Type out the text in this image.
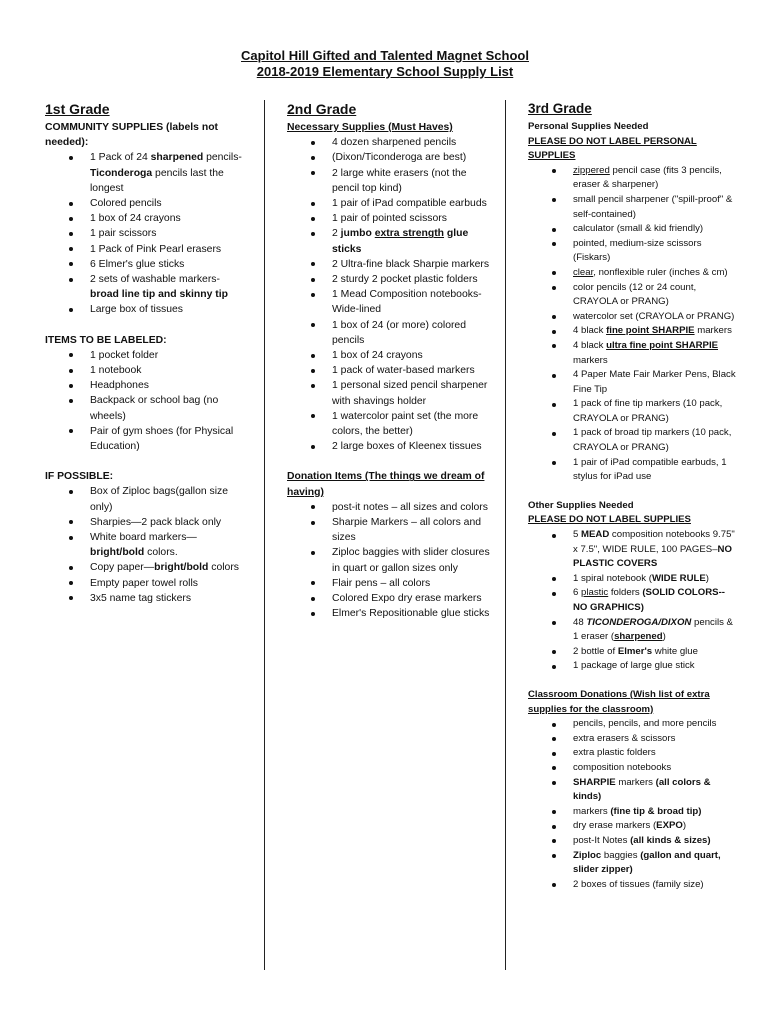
Capitol Hill Gifted and Talented Magnet School
2018-2019 Elementary School Supply List
1st Grade
COMMUNITY SUPPLIES (labels not needed):
1 Pack of 24 sharpened pencils-Ticonderoga pencils last the longest
Colored pencils
1 box of 24 crayons
1 pair scissors
1 Pack of Pink Pearl erasers
6 Elmer's glue sticks
2 sets of washable markers-
broad line tip and skinny tip
Large box of tissues
ITEMS TO BE LABELED:
1 pocket folder
1 notebook
Headphones
Backpack or school bag (no wheels)
Pair of gym shoes (for Physical Education)
IF POSSIBLE:
Box of Ziploc bags(gallon size only)
Sharpies—2 pack black only
White board markers—
bright/bold colors.
Copy paper—bright/bold colors
Empty paper towel rolls
3x5 name tag stickers
2nd Grade
Necessary Supplies (Must Haves)
4 dozen sharpened pencils
(Dixon/Ticonderoga are best)
2 large white erasers (not the pencil top kind)
1 pair of iPad compatible earbuds
1 pair of pointed scissors
2 jumbo extra strength glue sticks
2 Ultra-fine black Sharpie markers
2 sturdy 2 pocket plastic folders
1 Mead Composition notebooks- Wide-lined
1 box of 24 (or more) colored pencils
1 box of 24 crayons
1 pack of water-based markers
1 personal sized pencil sharpener with shavings holder
1 watercolor paint set (the more colors, the better)
2 large boxes of Kleenex tissues
Donation Items (The things we dream of having)
post-it notes – all sizes and colors
Sharpie Markers – all colors and sizes
Ziploc baggies with slider closures in quart or gallon sizes only
Flair pens – all colors
Colored Expo dry erase markers
Elmer's Repositionable glue sticks
3rd Grade
Personal Supplies Needed
PLEASE DO NOT LABEL PERSONAL SUPPLIES
zippered pencil case (fits 3 pencils, eraser & sharpener)
small pencil sharpener ("spill-proof" & self-contained)
calculator (small & kid friendly)
pointed, medium-size scissors (Fiskars)
clear, nonflexible ruler (inches & cm)
color pencils (12 or 24 count, CRAYOLA or PRANG)
watercolor set (CRAYOLA or PRANG)
4 black fine point SHARPIE markers
4 black ultra fine point SHARPIE markers
4 Paper Mate Fair Marker Pens, Black Fine Tip
1 pack of fine tip markers (10 pack, CRAYOLA or PRANG)
1 pack of broad tip markers (10 pack, CRAYOLA or PRANG)
1 pair of iPad compatible earbuds, 1 stylus for iPad use
Other Supplies Needed
PLEASE DO NOT LABEL SUPPLIES
5 MEAD composition notebooks 9.75" x 7.5", WIDE RULE, 100 PAGES–NO PLASTIC COVERS
1 spiral notebook (WIDE RULE)
6 plastic folders (SOLID COLORS--NO GRAPHICS)
48 TICONDEROGA/DIXON pencils & 1 eraser (sharpened)
2 bottle of Elmer's white glue
1 package of large glue stick
Classroom Donations (Wish list of extra supplies for the classroom)
pencils, pencils, and more pencils
extra erasers & scissors
extra plastic folders
composition notebooks
SHARPIE markers (all colors & kinds)
markers (fine tip & broad tip)
dry erase markers (EXPO)
post-It Notes (all kinds & sizes)
Ziploc baggies (gallon and quart, slider zipper)
2 boxes of tissues (family size)
